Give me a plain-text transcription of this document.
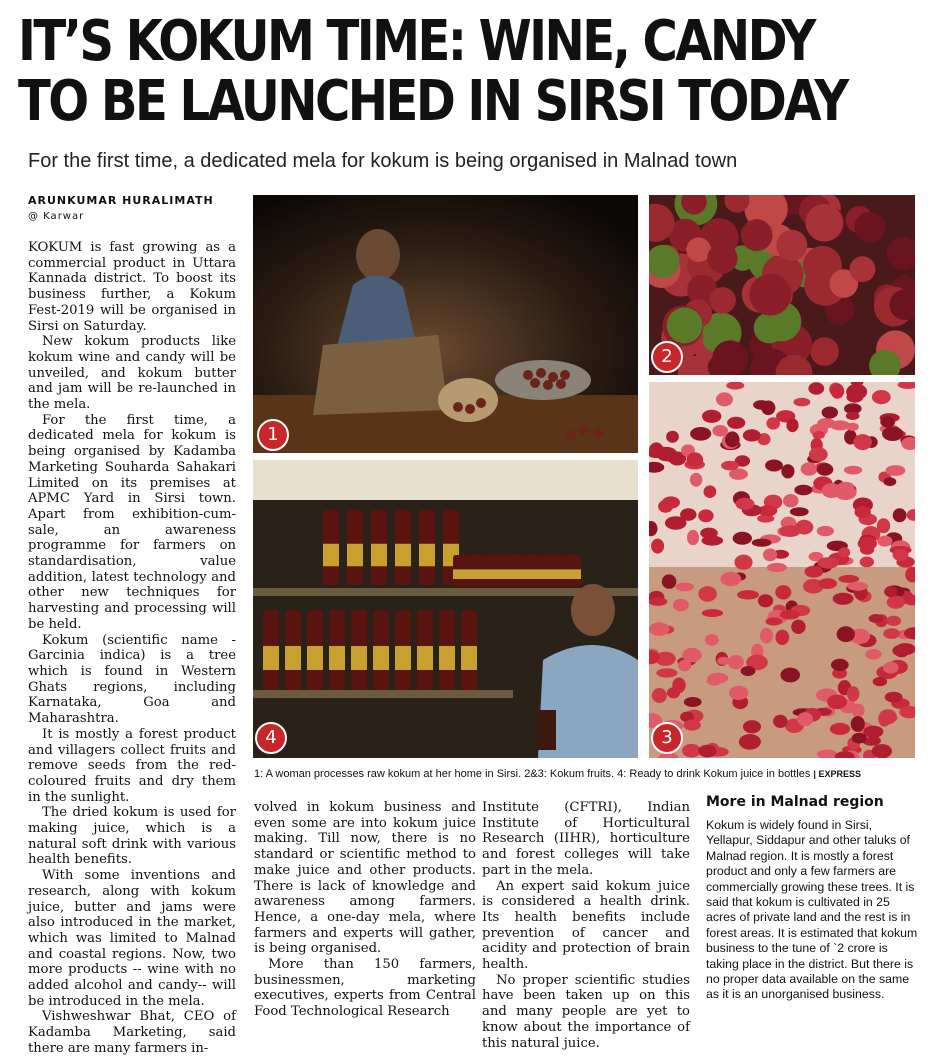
IT’S KOKUM TIME: WINE, CANDY
TO BE LAUNCHED IN SIRSI TODAY
For the first time, a dedicated mela for kokum is being organised in Malnad town
ARUNKUMAR HURALIMATH
@ Karwar
1
2
3
4
1: A woman processes raw kokum at her home in Sirsi. 2&3: Kokum fruits. 4: Ready to drink Kokum juice in bottles | EXPRESS

KOKUM is fast growing as a commercial product in Uttara Kannada district. To boost its business further, a Kokum Fest-2019 will be organised in Sirsi on Saturday.

New kokum products like kokum wine and candy will be unveiled, and kokum butter and jam will be re-launched in the mela.

For the first time, a dedicated mela for kokum is being organised by Kadamba Marketing Souharda Sahakari Limited on its premises at APMC Yard in Sirsi town. Apart from exhibition-cum-sale, an awareness programme for farmers on standardisation, value addition, latest technology and other new techniques for harvesting and processing will be held.

Kokum (scientific name - Garcinia indica) is a tree which is found in Western Ghats regions, including Karnataka, Goa and Maharashtra.

It is mostly a forest product and villagers collect fruits and remove seeds from the red-coloured fruits and dry them in the sunlight.

The dried kokum is used for making juice, which is a natural soft drink with various health benefits.

With some inventions and research, along with kokum juice, butter and jams were also introduced in the market, which was limited to Malnad and coastal regions. Now, two more products -- wine with no added alcohol and candy-- will be introduced in the mela.

Vishweshwar Bhat, CEO of Kadamba Marketing, said there are many farmers in-

volved in kokum business and even some are into kokum juice making. Till now, there is no standard or scientific method to make juice and other products. There is lack of knowledge and awareness among farmers. Hence, a one-day mela, where farmers and experts will gather, is being organised.

More than 150 farmers, businessmen, marketing executives, experts from Central Food Technological Research

Institute (CFTRI), Indian Institute of Horticultural Research (IIHR), horticulture and forest colleges will take part in the mela.

An expert said kokum juice is considered a health drink. Its health benefits include prevention of cancer and acidity and protection of brain health.

No proper scientific studies have been taken up on this and many people are yet to know about the importance of this natural juice.

More in Malnad region
Kokum is widely found in Sirsi, Yellapur, Siddapur and other taluks of Malnad region. It is mostly a forest product and only a few farmers are commercially growing these trees. It is said that kokum is cultivated in 25 acres of private land and the rest is in forest areas. It is estimated that kokum business to the tune of `2 crore is taking place in the district. But there is no proper data available on the same as it is an unorganised business.
